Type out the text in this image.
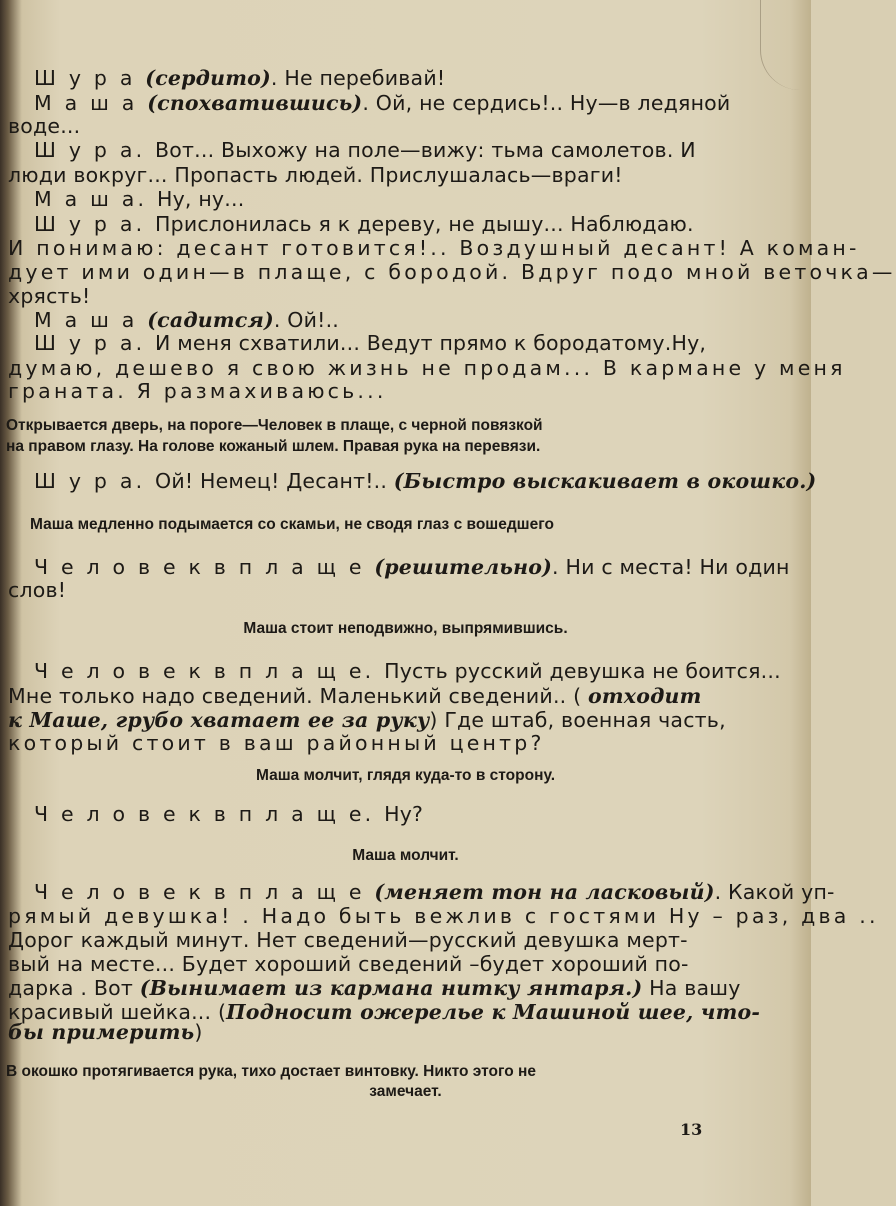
Ш у р а (сердито). Не перебивай!
М а ш а (спохватившись). Ой, не сердись!.. Ну—в ледяной
воде...
Ш у р а. Вот... Выхожу на поле—вижу: тьма самолетов. И
люди вокруг... Пропасть людей. Прислушалась—враги!
М а ш а. Ну, ну...
Ш у р а. Прислонилась я к дереву, не дышу... Наблюдаю.
И понимаю: десант готовится!.. Воздушный десант! А коман-
дует ими один—в плаще, с бородой. Вдруг подо мной веточка—
хрясть!
М а ш а (садится). Ой!..
Ш у р а. И меня схватили... Ведут прямо к бородатому.Ну,
думаю, дешево я свою жизнь не продам... В кармане у меня
граната. Я размахиваюсь...
Открывается дверь, на пороге—Человек в плаще, с черной повязкой
на правом глазу. На голове кожаный шлем. Правая рука на перевязи.
Ш у р а. Ой! Немец! Десант!.. (Быстро выскакивает в окошко.)
Маша медленно подымается со скамьи, не сводя глаз с вошедшего
Ч е л о в е к в п л а щ е (решительно). Ни с места! Ни один
слов!
Маша стоит неподвижно, выпрямившись.
Ч е л о в е к в п л а щ е. Пусть русский девушка не боится...
Мне только надо сведений. Маленький сведений.. ( отходит
к Маше, грубо хватает ее за руку) Где штаб, военная часть,
который стоит в ваш районный центр?
Маша молчит, глядя куда-то в сторону.
Ч е л о в е к в п л а щ е. Ну?
Маша молчит.
Ч е л о в е к в п л а щ е (меняет тон на ласковый). Какой уп-
рямый девушка! . Надо быть вежлив с гостями Ну – раз, два ..
Дорог каждый минут. Нет сведений—русский девушка мерт-
вый на месте... Будет хороший сведений –будет хороший по-
дарка . Вот (Вынимает из кармана нитку янтаря.) На вашу
красивый шейка... (Подносит ожерелье к Машиной шее, что-
бы примерить)
В окошко протягивается рука, тихо достает винтовку. Никто этого не
замечает.
13
